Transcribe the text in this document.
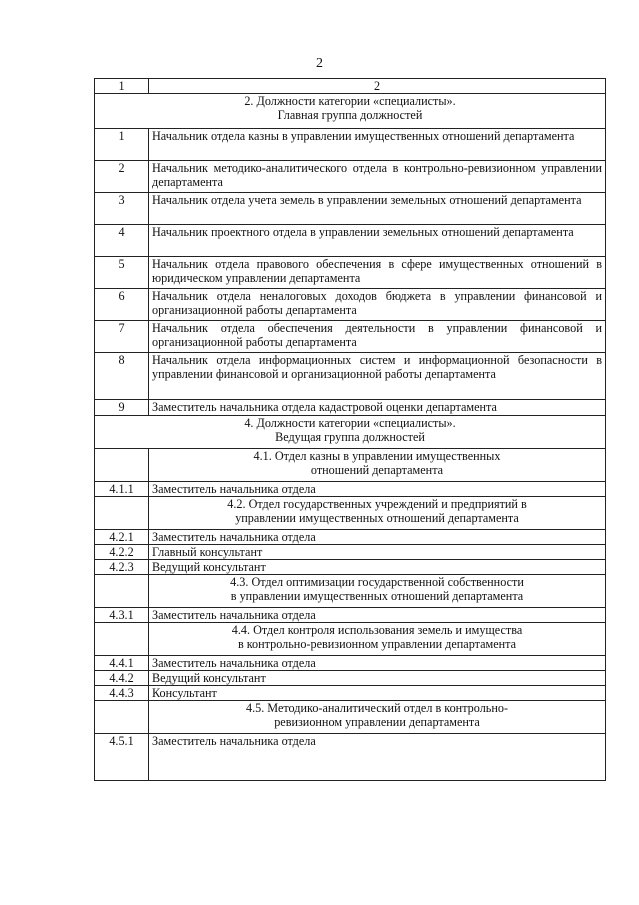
2
1	2

2. Должности категории «специалисты».
Главная группа должностей	

1	Начальник отдела казны в управлении имущественных отношений департамента
2	Начальник методико-аналитического отдела в контрольно-ревизионном управлении департамента
3	Начальник отдела учета земель в управлении земельных отношений департамента
4	Начальник проектного отдела в управлении земельных отношений департамента
5	Начальник отдела правового обеспечения в сфере имущественных отношений в юридическом управлении департамента
6	Начальник отдела неналоговых доходов бюджета в управлении финансовой и организационной работы департамента
7	Начальник отдела обеспечения деятельности в управлении финансовой и организационной работы департамента
8	Начальник отдела информационных систем и информационной безопасности в управлении финансовой и организационной работы департамента
9	Заместитель начальника отдела кадастровой оценки департамента

4. Должности категории «специалисты».
Ведущая группа должностей	

	4.1. Отдел казны в управлении имущественных
отношений департамента

4.1.1	Заместитель начальника отдела

	4.2. Отдел государственных учреждений и предприятий в
управлении имущественных отношений департамента

4.2.1	Заместитель начальника отдела
4.2.2	Главный консультант
4.2.3	Ведущий консультант

	4.3. Отдел оптимизации государственной собственности
в управлении имущественных отношений департамента

4.3.1	Заместитель начальника отдела

	4.4. Отдел контроля использования земель и имущества
в контрольно-ревизионном управлении департамента

4.4.1	Заместитель начальника отдела
4.4.2	Ведущий консультант
4.4.3	Консультант

	4.5. Методико-аналитический отдел в контрольно-
ревизионном управлении департамента

4.5.1	Заместитель начальника отдела
